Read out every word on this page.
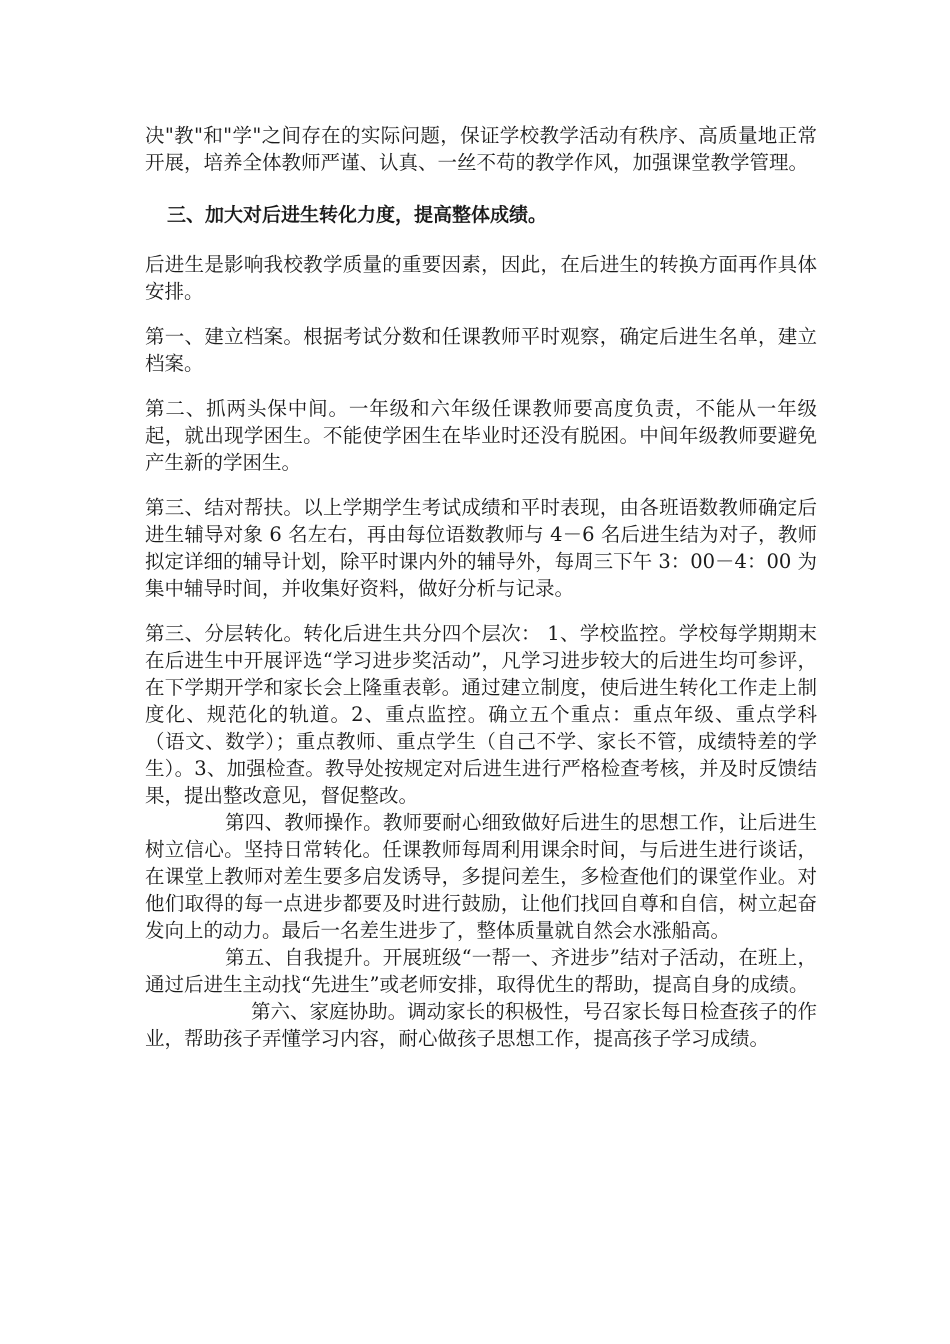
决"教"和"学"之间存在的实际问题，保证学校教学活动有秩序、高质量地正常开展，培养全体教师严谨、认真、一丝不苟的教学作风，加强课堂教学管理。

三、加大对后进生转化力度，提高整体成绩。

后进生是影响我校教学质量的重要因素，因此，在后进生的转换方面再作具体安排。

第一、建立档案。根据考试分数和任课教师平时观察，确定后进生名单，建立档案。

第二、抓两头保中间。一年级和六年级任课教师要高度负责，不能从一年级起，就出现学困生。不能使学困生在毕业时还没有脱困。中间年级教师要避免产生新的学困生。

第三、结对帮扶。以上学期学生考试成绩和平时表现，由各班语数教师确定后进生辅导对象 6 名左右，再由每位语数教师与 4－6 名后进生结为对子，教师拟定详细的辅导计划，除平时课内外的辅导外，每周三下午 3：00－4：00 为集中辅导时间，并收集好资料，做好分析与记录。

第三、分层转化。转化后进生共分四个层次： 1、学校监控。学校每学期期末在后进生中开展评选“学习进步奖活动”，凡学习进步较大的后进生均可参评，在下学期开学和家长会上隆重表彰。通过建立制度，使后进生转化工作走上制度化、规范化的轨道。2、重点监控。确立五个重点：重点年级、重点学科（语文、数学）；重点教师、重点学生（自己不学、家长不管，成绩特差的学生）。3、加强检查。教导处按规定对后进生进行严格检查考核，并及时反馈结果，提出整改意见，督促整改。

第四、教师操作。教师要耐心细致做好后进生的思想工作，让后进生树立信心。坚持日常转化。任课教师每周利用课余时间，与后进生进行谈话，在课堂上教师对差生要多启发诱导，多提问差生，多检查他们的课堂作业。对他们取得的每一点进步都要及时进行鼓励，让他们找回自尊和自信，树立起奋发向上的动力。最后一名差生进步了，整体质量就自然会水涨船高。

第五、自我提升。开展班级“一帮一、齐进步”结对子活动，在班上，通过后进生主动找“先进生”或老师安排，取得优生的帮助，提高自身的成绩。

第六、家庭协助。调动家长的积极性，号召家长每日检查孩子的作业，帮助孩子弄懂学习内容，耐心做孩子思想工作，提高孩子学习成绩。
